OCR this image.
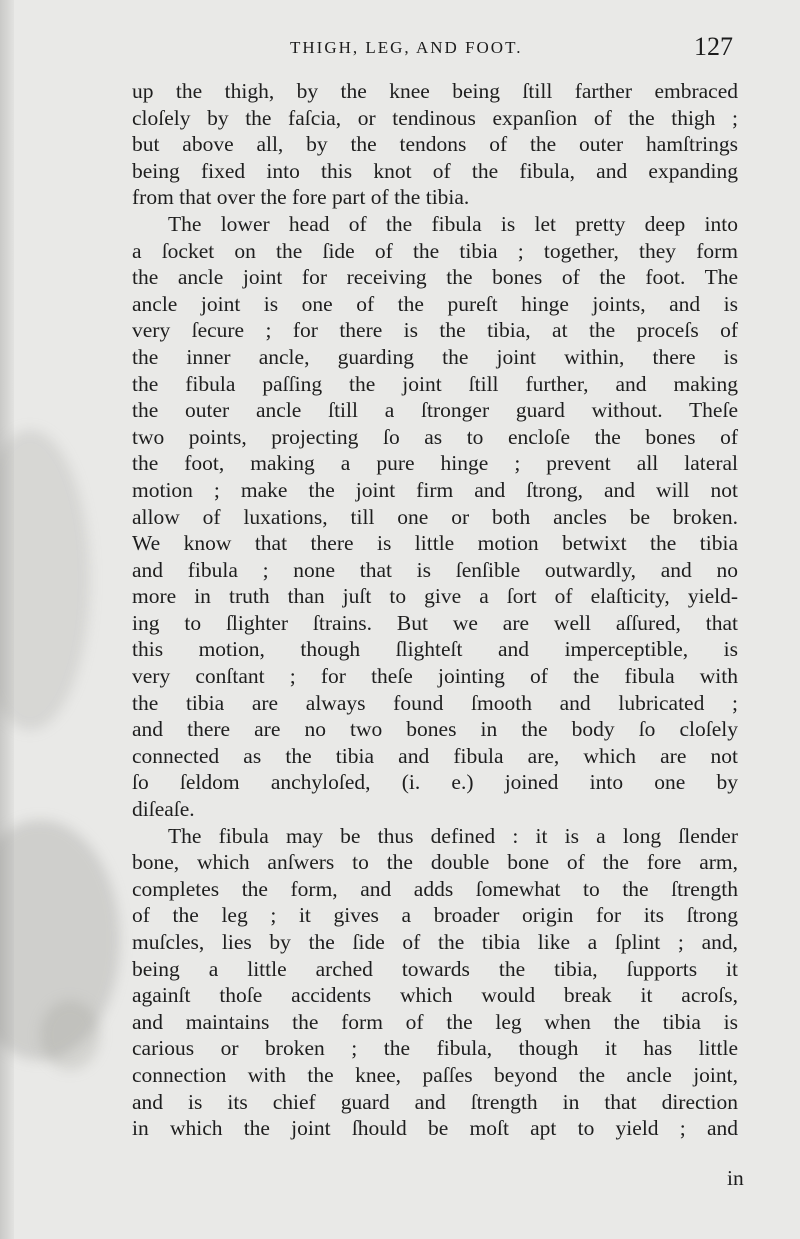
THIGH, LEG, AND FOOT.	127
up the thigh, by the knee being ſtill farther embraced
cloſely by the faſcia, or tendinous expanſion of the thigh ;
but above all, by the tendons of the outer hamſtrings
being fixed into this knot of the fibula, and expanding
from that over the fore part of the tibia.
The lower head of the fibula is let pretty deep into
a ſocket on the ſide of the tibia ; together, they form
the ancle joint for receiving the bones of the foot. The
ancle joint is one of the pureſt hinge joints, and is
very ſecure ; for there is the tibia, at the proceſs of
the inner ancle, guarding the joint within, there is
the fibula paſſing the joint ſtill further, and making
the outer ancle ſtill a ſtronger guard without. Theſe
two points, projecting ſo as to encloſe the bones of
the foot, making a pure hinge ; prevent all lateral
motion ; make the joint firm and ſtrong, and will not
allow of luxations, till one or both ancles be broken.
We know that there is little motion betwixt the tibia
and fibula ; none that is ſenſible outwardly, and no
more in truth than juſt to give a ſort of elaſticity, yield-
ing to ſlighter ſtrains. But we are well aſſured, that
this motion, though ſlighteſt and imperceptible, is
very conſtant ; for theſe jointing of the fibula with
the tibia are always found ſmooth and lubricated ;
and there are no two bones in the body ſo cloſely
connected as the tibia and fibula are, which are not
ſo ſeldom anchyloſed, (i. e.) joined into one by
diſeaſe.
The fibula may be thus defined : it is a long ſlender
bone, which anſwers to the double bone of the fore arm,
completes the form, and adds ſomewhat to the ſtrength
of the leg ; it gives a broader origin for its ſtrong
muſcles, lies by the ſide of the tibia like a ſplint ; and,
being a little arched towards the tibia, ſupports it
againſt thoſe accidents which would break it acroſs,
and maintains the form of the leg when the tibia is
carious or broken ; the fibula, though it has little
connection with the knee, paſſes beyond the ancle joint,
and is its chief guard and ſtrength in that direction
in which the joint ſhould be moſt apt to yield ; and
in
